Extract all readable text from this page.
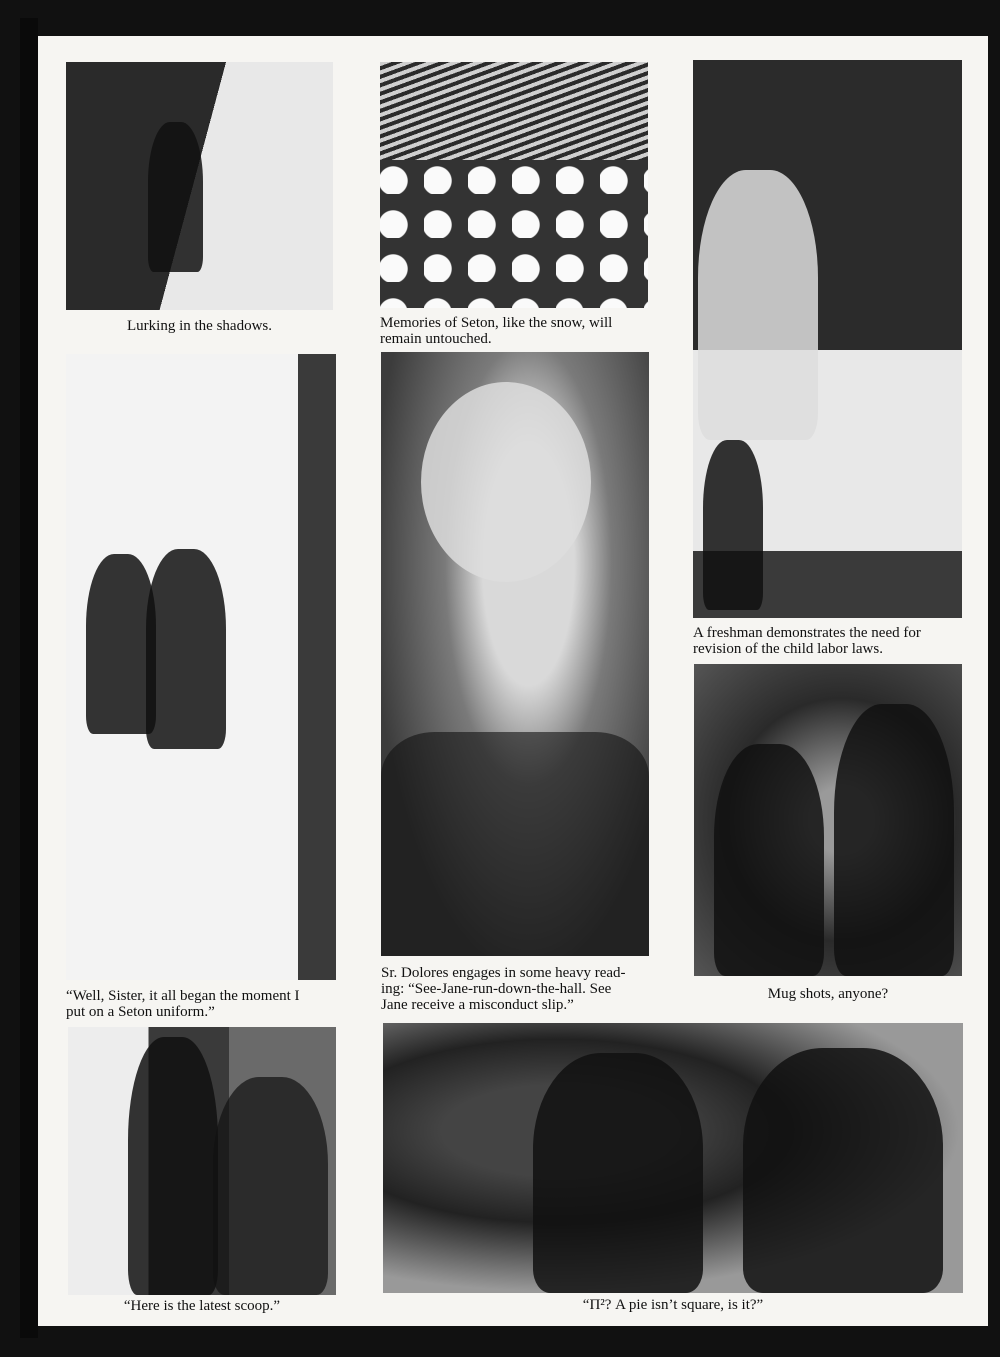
Lurking in the shadows.	Memories of Seton, like the snow, will
remain untouched.
A freshman demonstrates the need for
revision of the child labor laws.
“Well, Sister, it all began the moment I
put on a Seton uniform.”
Sr. Dolores engages in some heavy read-
ing: “See-Jane-run-down-the-hall. See
Jane receive a misconduct slip.”
Mug shots, anyone?
“Here is the latest scoop.”	“Π²? A pie isn’t square, is it?”
